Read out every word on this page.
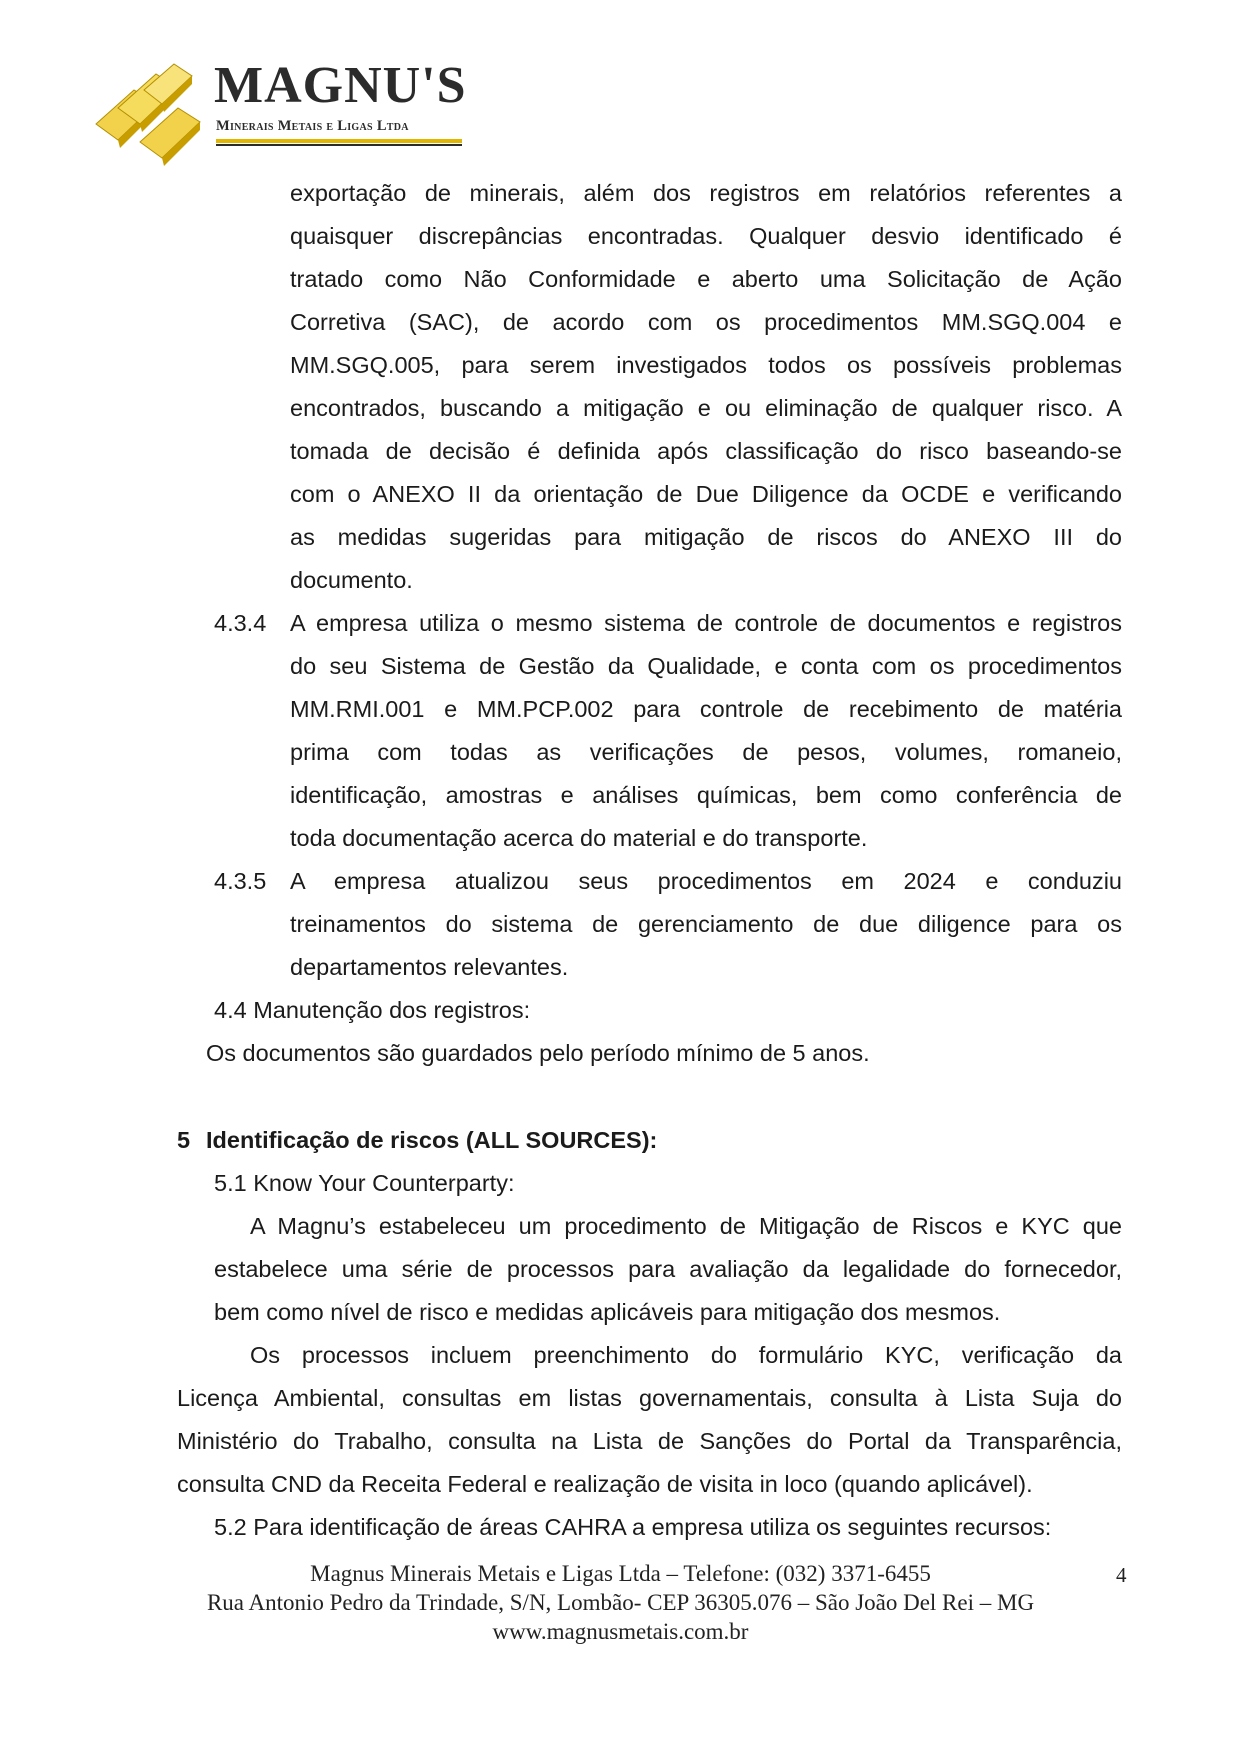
MAGNU'S
Minerais Metais e Ligas Ltda
exportação de minerais, além dos registros em relatórios referentes a
quaisquer discrepâncias encontradas. Qualquer desvio identificado é
tratado como Não Conformidade e aberto uma Solicitação de Ação
Corretiva (SAC), de acordo com os procedimentos MM.SGQ.004 e
MM.SGQ.005, para serem investigados todos os possíveis problemas
encontrados, buscando a mitigação e ou eliminação de qualquer risco. A
tomada de decisão é definida após classificação do risco baseando-se
com o ANEXO II da orientação de Due Diligence da OCDE e verificando
as medidas sugeridas para mitigação de riscos do ANEXO III do
documento.
4.3.4 A empresa utiliza o mesmo sistema de controle de documentos e registros
do seu Sistema de Gestão da Qualidade, e conta com os procedimentos
MM.RMI.001 e MM.PCP.002 para controle de recebimento de matéria
prima com todas as verificações de pesos, volumes, romaneio,
identificação, amostras e análises químicas, bem como conferência de
toda documentação acerca do material e do transporte.
4.3.5 A empresa atualizou seus procedimentos em 2024 e conduziu
treinamentos do sistema de gerenciamento de due diligence para os
departamentos relevantes.
4.4 Manutenção dos registros:
Os documentos são guardados pelo período mínimo de 5 anos.
5 Identificação de riscos (ALL SOURCES):
5.1 Know Your Counterparty:
A Magnu’s estabeleceu um procedimento de Mitigação de Riscos e KYC que
estabelece uma série de processos para avaliação da legalidade do fornecedor,
bem como nível de risco e medidas aplicáveis para mitigação dos mesmos.
Os processos incluem preenchimento do formulário KYC, verificação da
Licença Ambiental, consultas em listas governamentais, consulta à Lista Suja do
Ministério do Trabalho, consulta na Lista de Sanções do Portal da Transparência,
consulta CND da Receita Federal e realização de visita in loco (quando aplicável).
5.2 Para identificação de áreas CAHRA a empresa utiliza os seguintes recursos:
Magnus Minerais Metais e Ligas Ltda – Telefone: (032) 3371-6455
Rua Antonio Pedro da Trindade, S/N, Lombão- CEP 36305.076 – São João Del Rei – MG
www.magnusmetais.com.br
4
